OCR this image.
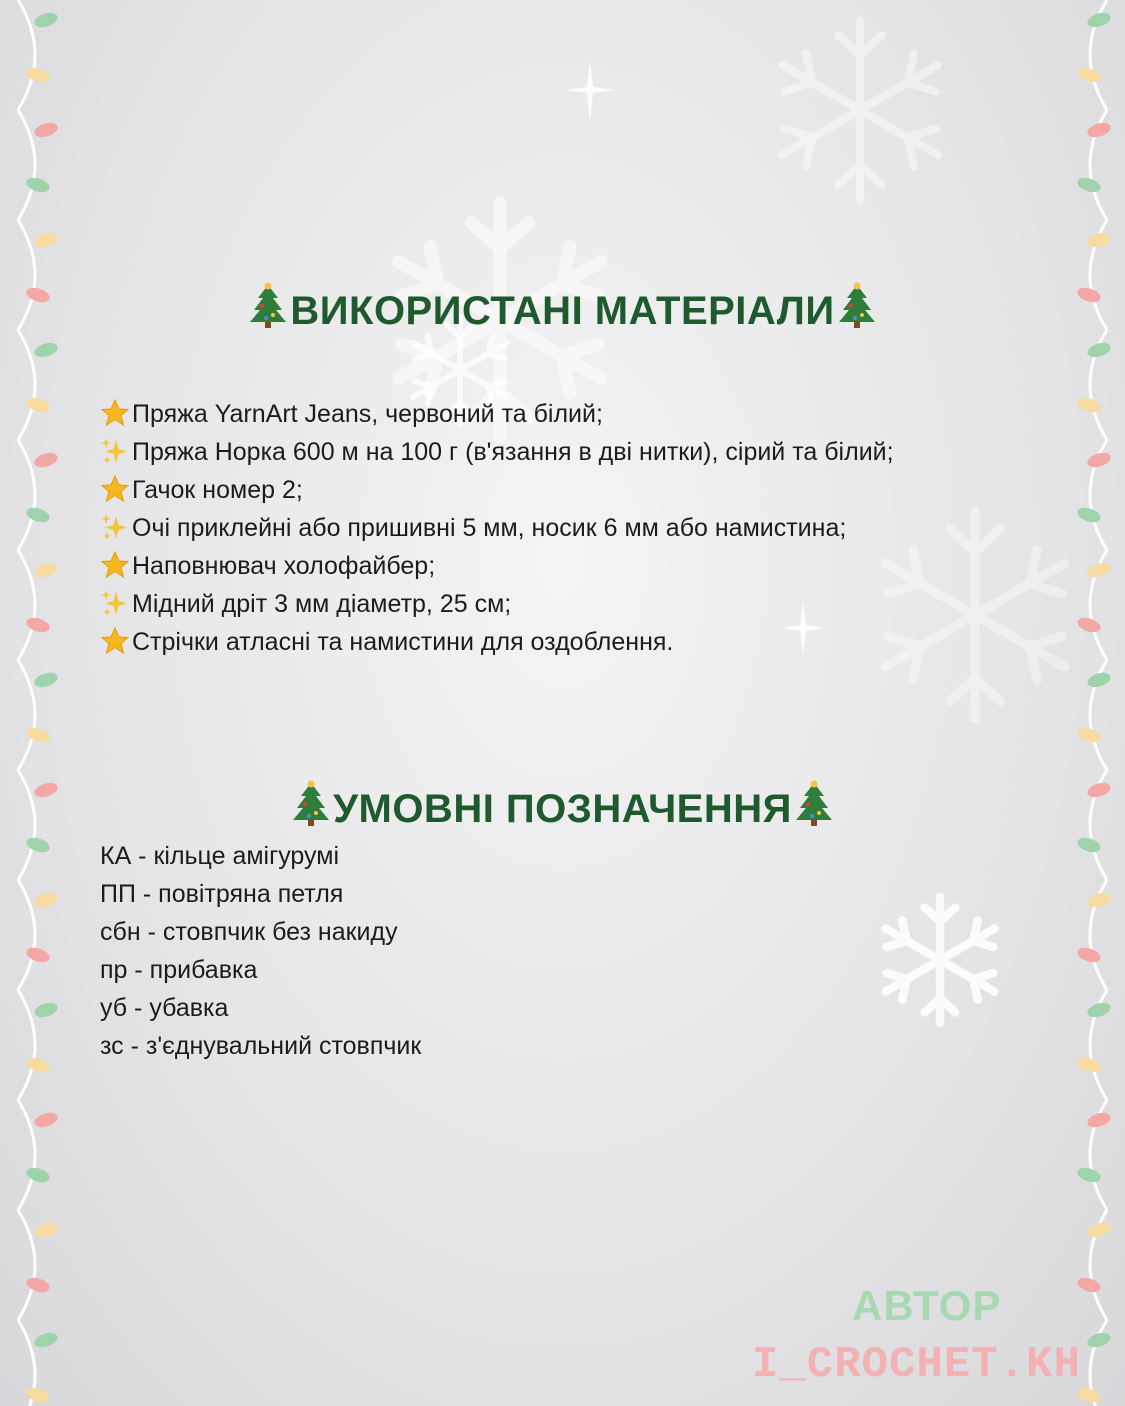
ВИКОРИСТАНІ МАТЕРІАЛИ
Пряжа YarnArt Jeans, червоний та білий;
Пряжа Норка 600 м на 100 г (в'язання в дві нитки), сірий та білий;
Гачок номер 2;
Очі приклейні або пришивні 5 мм, носик 6 мм або намистина;
Наповнювач холофайбер;
Мідний дріт 3 мм діаметр, 25 см;
Стрічки атласні та намистини для оздоблення.
УМОВНІ ПОЗНАЧЕННЯ
КА - кільце амігурумі
ПП - повітряна петля
сбн - стовпчик без накиду
пр - прибавка
уб - убавка
зс - з'єднувальний стовпчик
АВТОР
I_CROCHET.KH
